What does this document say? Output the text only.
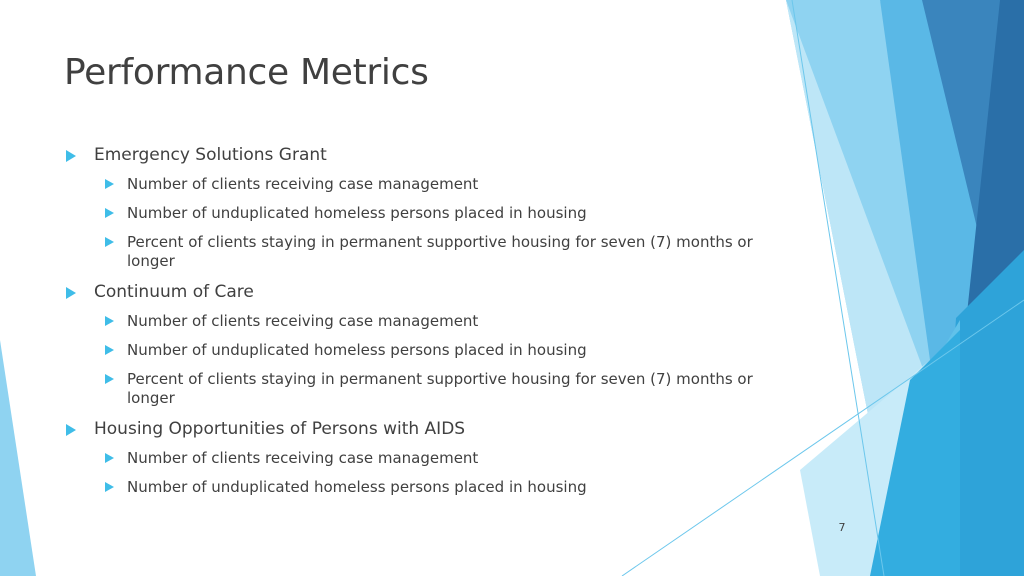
Performance Metrics
Emergency Solutions Grant
Number of clients receiving case management
Number of unduplicated homeless persons placed in housing
Percent of clients staying in permanent supportive housing for seven (7) months or longer
Continuum of Care
Number of clients receiving case management
Number of unduplicated homeless persons placed in housing
Percent of clients staying in permanent supportive housing for seven (7) months or longer
Housing Opportunities of Persons with AIDS
Number of clients receiving case management
Number of unduplicated homeless persons placed in housing
7
